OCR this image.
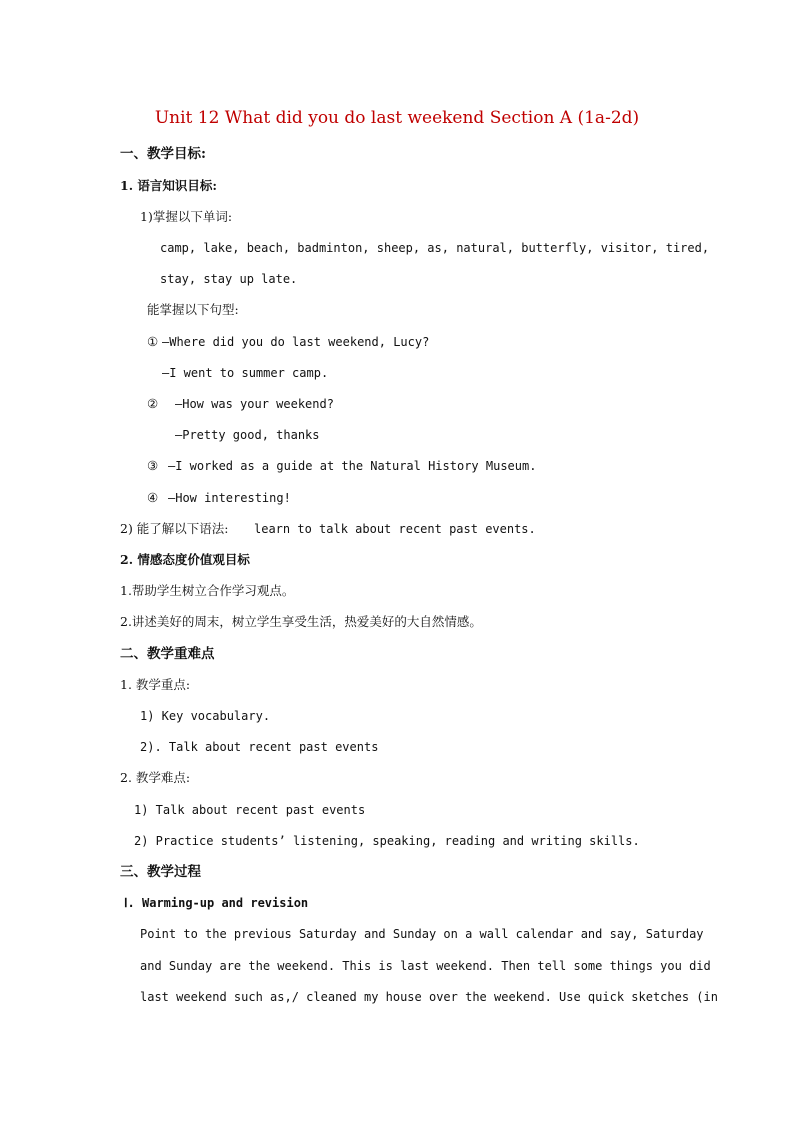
Unit 12 What did you do last weekend Section A (1a-2d)
一、教学目标:
1. 语言知识目标:
1)掌握以下单词:
camp, lake, beach, badminton, sheep, as, natural, butterfly, visitor, tired,
stay, stay up late.
能掌握以下句型:
① —Where did you do last weekend, Lucy?
—I went to summer camp.
② —How was your weekend?
—Pretty good, thanks
③ —I worked as a guide at the Natural History Museum.
④ —How interesting!
2) 能了解以下语法: learn to talk about recent past events.
2. 情感态度价值观目标
1.帮助学生树立合作学习观点。
2.讲述美好的周末，树立学生享受生活，热爱美好的大自然情感。
二、教学重难点
1. 教学重点:
1) Key vocabulary.
2). Talk about recent past events
2. 教学难点:
1) Talk about recent past events
2) Practice students’ listening, speaking, reading and writing skills.
三、教学过程
Ⅰ. Warming-up and revision
Point to the previous Saturday and Sunday on a wall calendar and say, Saturday
and Sunday are the weekend. This is last weekend. Then tell some things you did
last weekend such as,/ cleaned my house over the weekend. Use quick sketches (in
